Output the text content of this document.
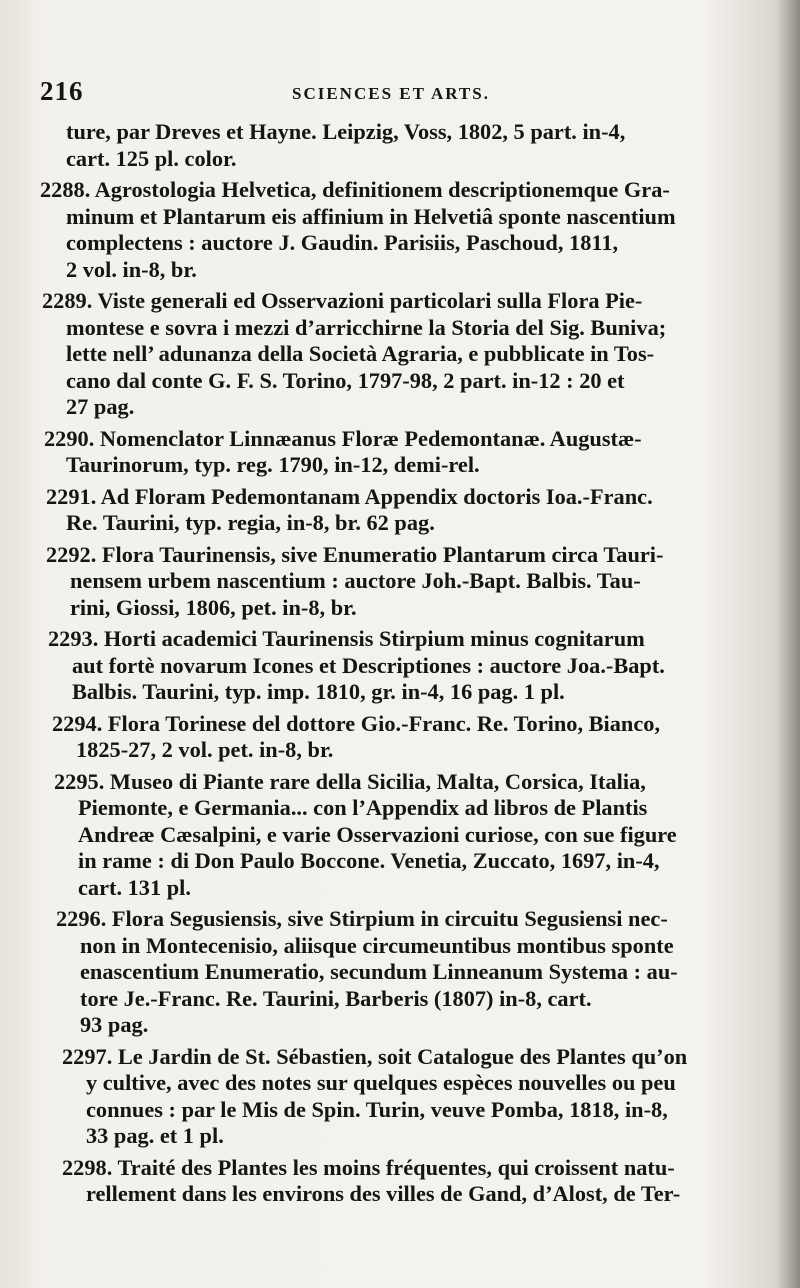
216	SCIENCES ET ARTS.
ture, par Dreves et Hayne. Leipzig, Voss, 1802, 5 part. in-4,
cart. 125 pl. color.
2288. Agrostologia Helvetica, definitionem descriptionemque Gra-
minum et Plantarum eis affinium in Helvetiâ sponte nascentium
complectens : auctore J. Gaudin. Parisiis, Paschoud, 1811,
2 vol. in-8, br.
2289. Viste generali ed Osservazioni particolari sulla Flora Pie-
montese e sovra i mezzi d’arricchirne la Storia del Sig. Buniva;
lette nell’ adunanza della Società Agraria, e pubblicate in Tos-
cano dal conte G. F. S. Torino, 1797-98, 2 part. in-12 : 20 et
27 pag.
2290. Nomenclator Linnæanus Floræ Pedemontanæ. Augustæ-
Taurinorum, typ. reg. 1790, in-12, demi-rel.
2291. Ad Floram Pedemontanam Appendix doctoris Ioa.-Franc.
Re. Taurini, typ. regia, in-8, br. 62 pag.
2292. Flora Taurinensis, sive Enumeratio Plantarum circa Tauri-
nensem urbem nascentium : auctore Joh.-Bapt. Balbis. Tau-
rini, Giossi, 1806, pet. in-8, br.
2293. Horti academici Taurinensis Stirpium minus cognitarum
aut fortè novarum Icones et Descriptiones : auctore Joa.-Bapt.
Balbis. Taurini, typ. imp. 1810, gr. in-4, 16 pag. 1 pl.
2294. Flora Torinese del dottore Gio.-Franc. Re. Torino, Bianco,
1825-27, 2 vol. pet. in-8, br.
2295. Museo di Piante rare della Sicilia, Malta, Corsica, Italia,
Piemonte, e Germania... con l’Appendix ad libros de Plantis
Andreæ Cæsalpini, e varie Osservazioni curiose, con sue figure
in rame : di Don Paulo Boccone. Venetia, Zuccato, 1697, in-4,
cart. 131 pl.
2296. Flora Segusiensis, sive Stirpium in circuitu Segusiensi nec-
non in Montecenisio, aliisque circumeuntibus montibus sponte
enascentium Enumeratio, secundum Linneanum Systema : au-
tore Je.-Franc. Re. Taurini, Barberis (1807) in-8, cart.
93 pag.
2297. Le Jardin de St. Sébastien, soit Catalogue des Plantes qu’on
y cultive, avec des notes sur quelques espèces nouvelles ou peu
connues : par le Mis de Spin. Turin, veuve Pomba, 1818, in-8,
33 pag. et 1 pl.
2298. Traité des Plantes les moins fréquentes, qui croissent natu-
rellement dans les environs des villes de Gand, d’Alost, de Ter-
